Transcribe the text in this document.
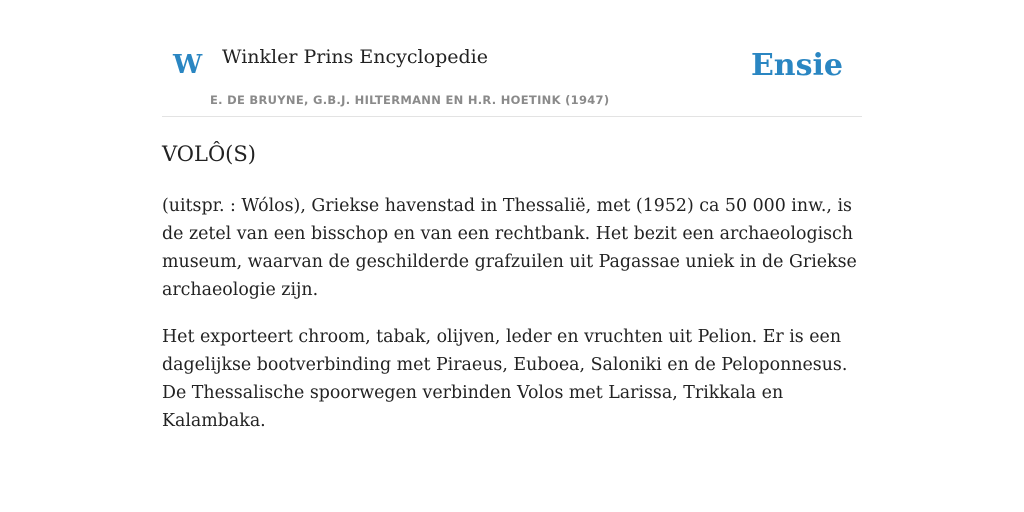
W Winkler Prins Encyclopedie
E. DE BRUYNE, G.B.J. HILTERMANN EN H.R. HOETINK (1947)
Ensie
VOLÔ(S)

(uitspr. : Wólos), Griekse havenstad in Thessalië, met (1952) ca 50 000 inw., is de zetel van een bisschop en van een rechtbank. Het bezit een archaeologisch museum, waarvan de geschilderde grafzuilen uit Pagassae uniek in de Griekse archaeologie zijn.

Het exporteert chroom, tabak, olijven, leder en vruchten uit Pelion. Er is een dagelijkse bootverbinding met Piraeus, Euboea, Saloniki en de Peloponnesus. De Thessalische spoorwegen verbinden Volos met Larissa, Trikkala en Kalambaka.
